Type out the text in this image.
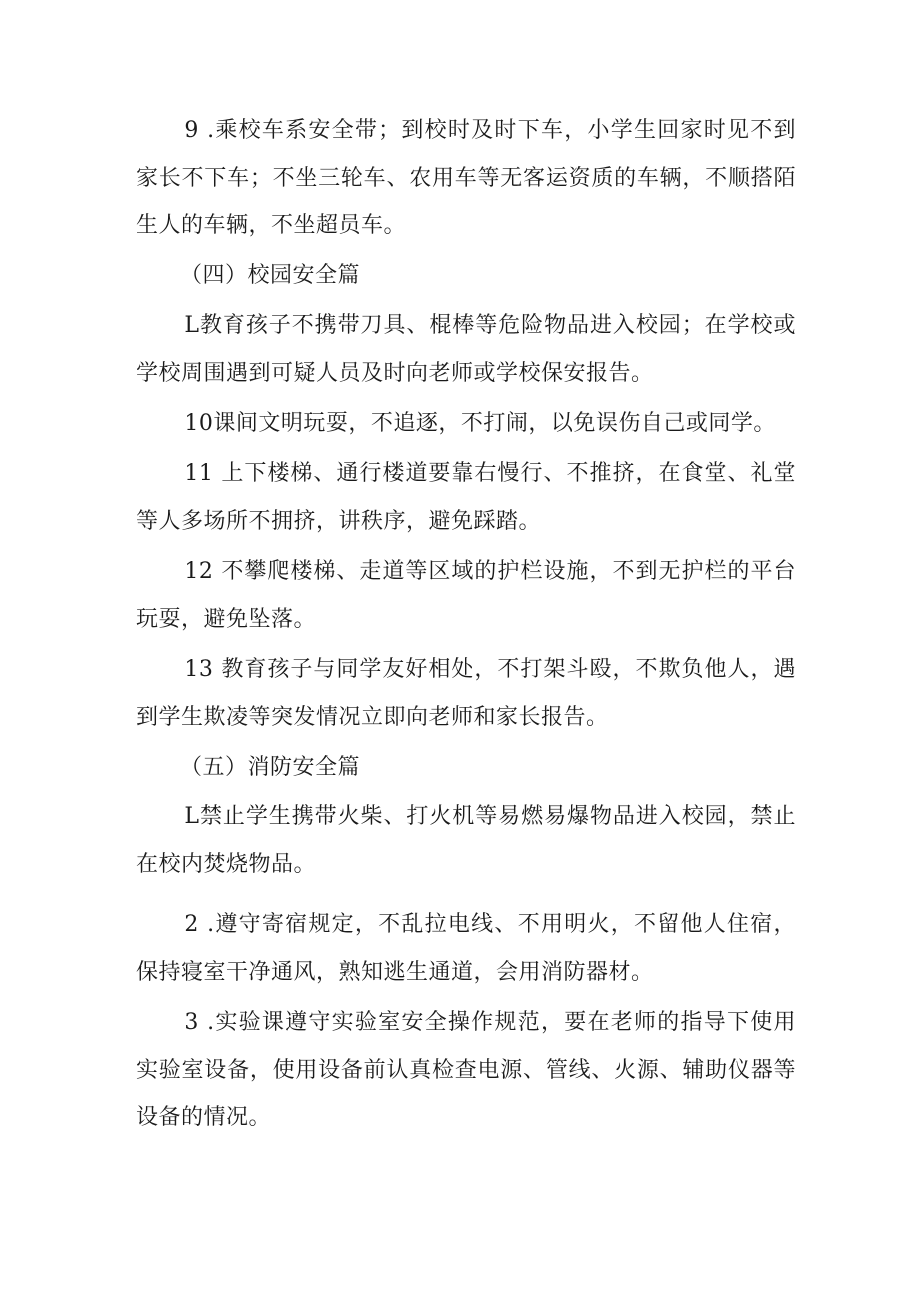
9 .乘校车系安全带；到校时及时下车，小学生回家时见不到家长不下车；不坐三轮车、农用车等无客运资质的车辆，不顺搭陌生人的车辆，不坐超员车。

（四）校园安全篇

L教育孩子不携带刀具、棍棒等危险物品进入校园；在学校或学校周围遇到可疑人员及时向老师或学校保安报告。

10课间文明玩耍，不追逐，不打闹，以免误伤自己或同学。

11 上下楼梯、通行楼道要靠右慢行、不推挤，在食堂、礼堂等人多场所不拥挤，讲秩序，避免踩踏。

12 不攀爬楼梯、走道等区域的护栏设施，不到无护栏的平台玩耍，避免坠落。

13 教育孩子与同学友好相处，不打架斗殴，不欺负他人，遇到学生欺凌等突发情况立即向老师和家长报告。

（五）消防安全篇

L禁止学生携带火柴、打火机等易燃易爆物品进入校园，禁止在校内焚烧物品。

2 .遵守寄宿规定，不乱拉电线、不用明火，不留他人住宿，保持寝室干净通风，熟知逃生通道，会用消防器材。

3 .实验课遵守实验室安全操作规范，要在老师的指导下使用实验室设备，使用设备前认真检查电源、管线、火源、辅助仪器等设备的情况。
